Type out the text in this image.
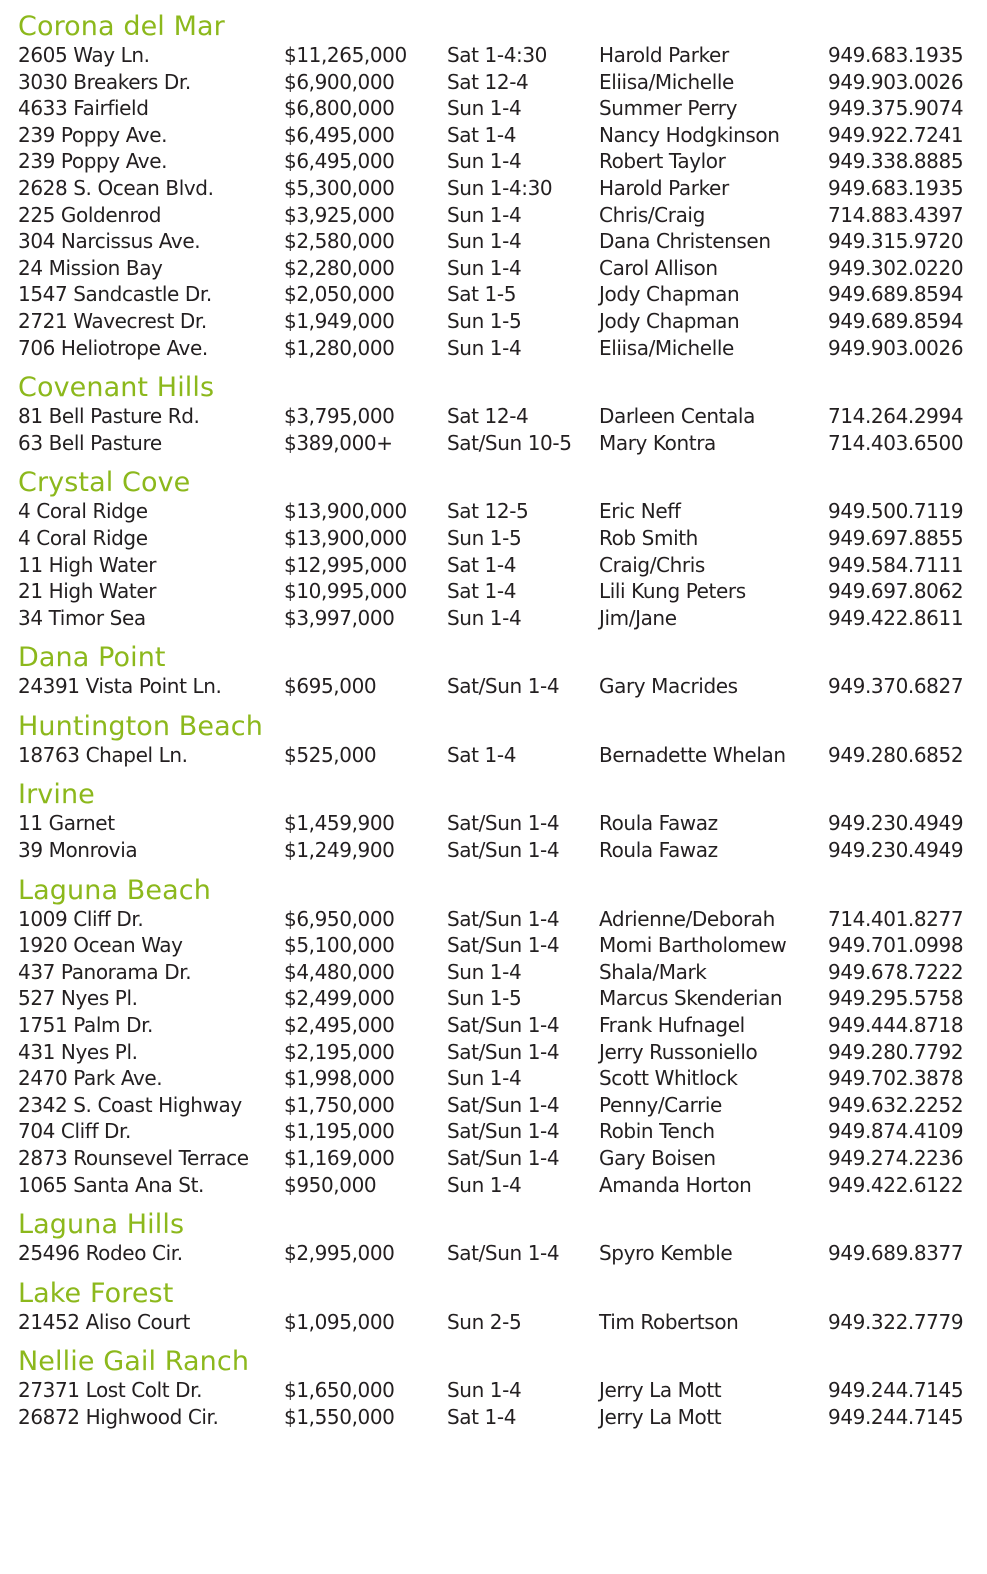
Corona del Mar
2605 Way Ln.	$11,265,000 Sat 1-4:30	Harold Parker	949.683.1935
3030 Breakers Dr.	$6,900,000	Sat 12-4	Eliisa/Michelle	949.903.0026
4633 Fairfield	$6,800,000	Sun 1-4	Summer Perry	949.375.9074
239 Poppy Ave.	$6,495,000	Sat 1-4	Nancy Hodgkinson 949.922.7241
239 Poppy Ave.	$6,495,000	Sun 1-4	Robert Taylor	949.338.8885
2628 S. Ocean Blvd.	$5,300,000	Sun 1-4:30 Harold Parker	949.683.1935
225 Goldenrod	$3,925,000	Sun 1-4	Chris/Craig	714.883.4397
304 Narcissus Ave.	$2,580,000	Sun 1-4	Dana Christensen	949.315.9720
24 Mission Bay	$2,280,000	Sun 1-4	Carol Allison	949.302.0220
1547 Sandcastle Dr.	$2,050,000	Sat 1-5	Jody Chapman	949.689.8594
2721 Wavecrest Dr.	$1,949,000	Sun 1-5	Jody Chapman	949.689.8594
706 Heliotrope Ave.	$1,280,000	Sun 1-4	Eliisa/Michelle	949.903.0026
Covenant Hills
81 Bell Pasture Rd.	$3,795,000	Sat 12-4	Darleen Centala	714.264.2994
63 Bell Pasture	$389,000+	Sat/Sun 10-5 Mary Kontra	714.403.6500
Crystal Cove
4 Coral Ridge	$13,900,000 Sat 12-5	Eric Neff	949.500.7119
4 Coral Ridge	$13,900,000 Sun 1-5	Rob Smith	949.697.8855
11 High Water	$12,995,000 Sat 1-4	Craig/Chris	949.584.7111
21 High Water	$10,995,000 Sat 1-4	Lili Kung Peters	949.697.8062
34 Timor Sea	$3,997,000	Sun 1-4	Jim/Jane	949.422.8611
Dana Point
24391 Vista Point Ln.	$695,000	Sat/Sun 1-4 Gary Macrides	949.370.6827
Huntington Beach
18763 Chapel Ln.	$525,000	Sat 1-4	Bernadette Whelan 949.280.6852
Irvine
11 Garnet	$1,459,900	Sat/Sun 1-4 Roula Fawaz	949.230.4949
39 Monrovia	$1,249,900	Sat/Sun 1-4 Roula Fawaz	949.230.4949
Laguna Beach
1009 Cliff Dr.	$6,950,000	Sat/Sun 1-4 Adrienne/Deborah	714.401.8277
1920 Ocean Way	$5,100,000	Sat/Sun 1-4 Momi Bartholomew 949.701.0998
437 Panorama Dr.	$4,480,000	Sun 1-4	Shala/Mark	949.678.7222
527 Nyes Pl.	$2,499,000	Sun 1-5	Marcus Skenderian 949.295.5758
1751 Palm Dr.	$2,495,000	Sat/Sun 1-4 Frank Hufnagel	949.444.8718
431 Nyes Pl.	$2,195,000	Sat/Sun 1-4 Jerry Russoniello	949.280.7792
2470 Park Ave.	$1,998,000	Sun 1-4	Scott Whitlock	949.702.3878
2342 S. Coast Highway $1,750,000	Sat/Sun 1-4 Penny/Carrie	949.632.2252
704 Cliff Dr.	$1,195,000	Sat/Sun 1-4 Robin Tench	949.874.4109
2873 Rounsevel Terrace $1,169,000	Sat/Sun 1-4 Gary Boisen	949.274.2236
1065 Santa Ana St.	$950,000	Sun 1-4	Amanda Horton	949.422.6122
Laguna Hills
25496 Rodeo Cir.	$2,995,000	Sat/Sun 1-4 Spyro Kemble	949.689.8377
Lake Forest
21452 Aliso Court	$1,095,000	Sun 2-5	Tim Robertson	949.322.7779
Nellie Gail Ranch
27371 Lost Colt Dr.	$1,650,000	Sun 1-4	Jerry La Mott	949.244.7145
26872 Highwood Cir.	$1,550,000	Sat 1-4	Jerry La Mott	949.244.7145
